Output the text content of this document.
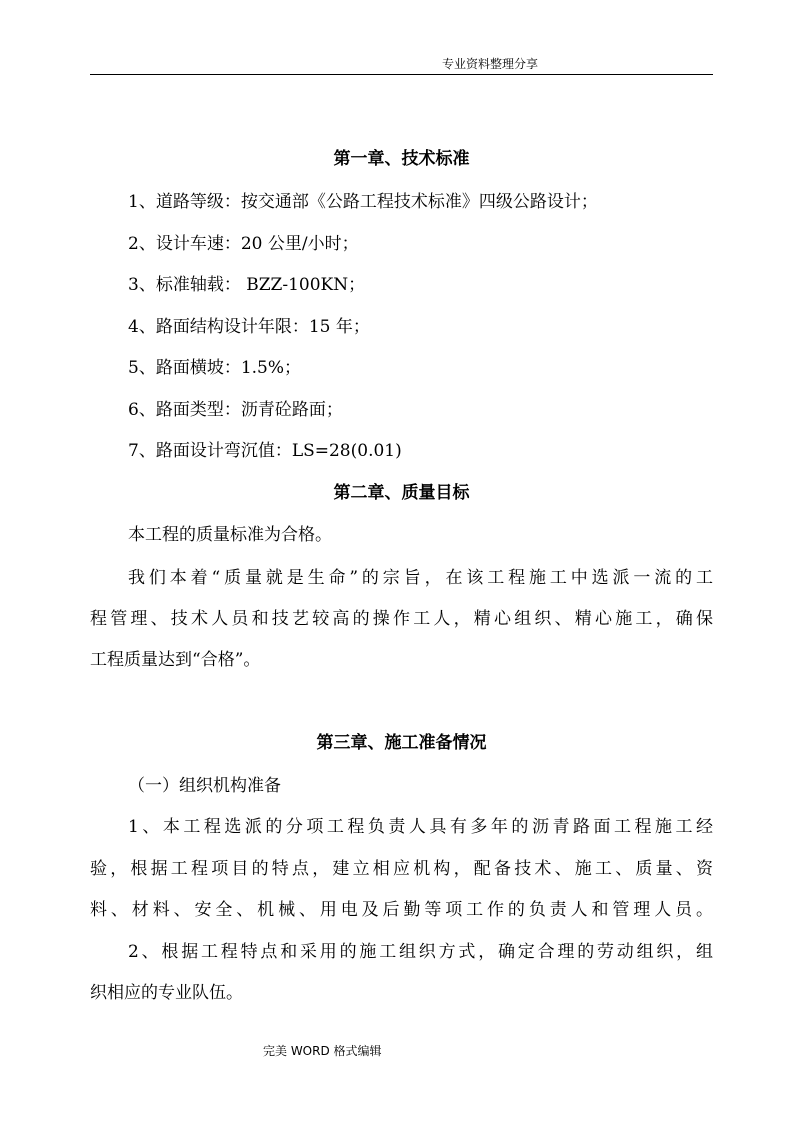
专业资料整理分享
第一章、技术标准
1、道路等级：按交通部《公路工程技术标准》四级公路设计；
2、设计车速：20 公里/小时；
3、标准轴载： BZZ-100KN；
4、路面结构设计年限：15 年；
5、路面横坡：1.5%；
6、路面类型：沥青砼路面；
7、路面设计弯沉值：LS=28(0.01)
第二章、质量目标
本工程的质量标准为合格。
我们本着“质量就是生命”的宗旨，在该工程施工中选派一流的工
程管理、技术人员和技艺较高的操作工人，精心组织、精心施工，确保
工程质量达到“合格”。
第三章、施工准备情况
（一）组织机构准备
1、本工程选派的分项工程负责人具有多年的沥青路面工程施工经
验，根据工程项目的特点，建立相应机构，配备技术、施工、质量、资
料、材料、安全、机械、用电及后勤等项工作的负责人和管理人员。
2、根据工程特点和采用的施工组织方式，确定合理的劳动组织，组
织相应的专业队伍。
完美 WORD 格式编辑
